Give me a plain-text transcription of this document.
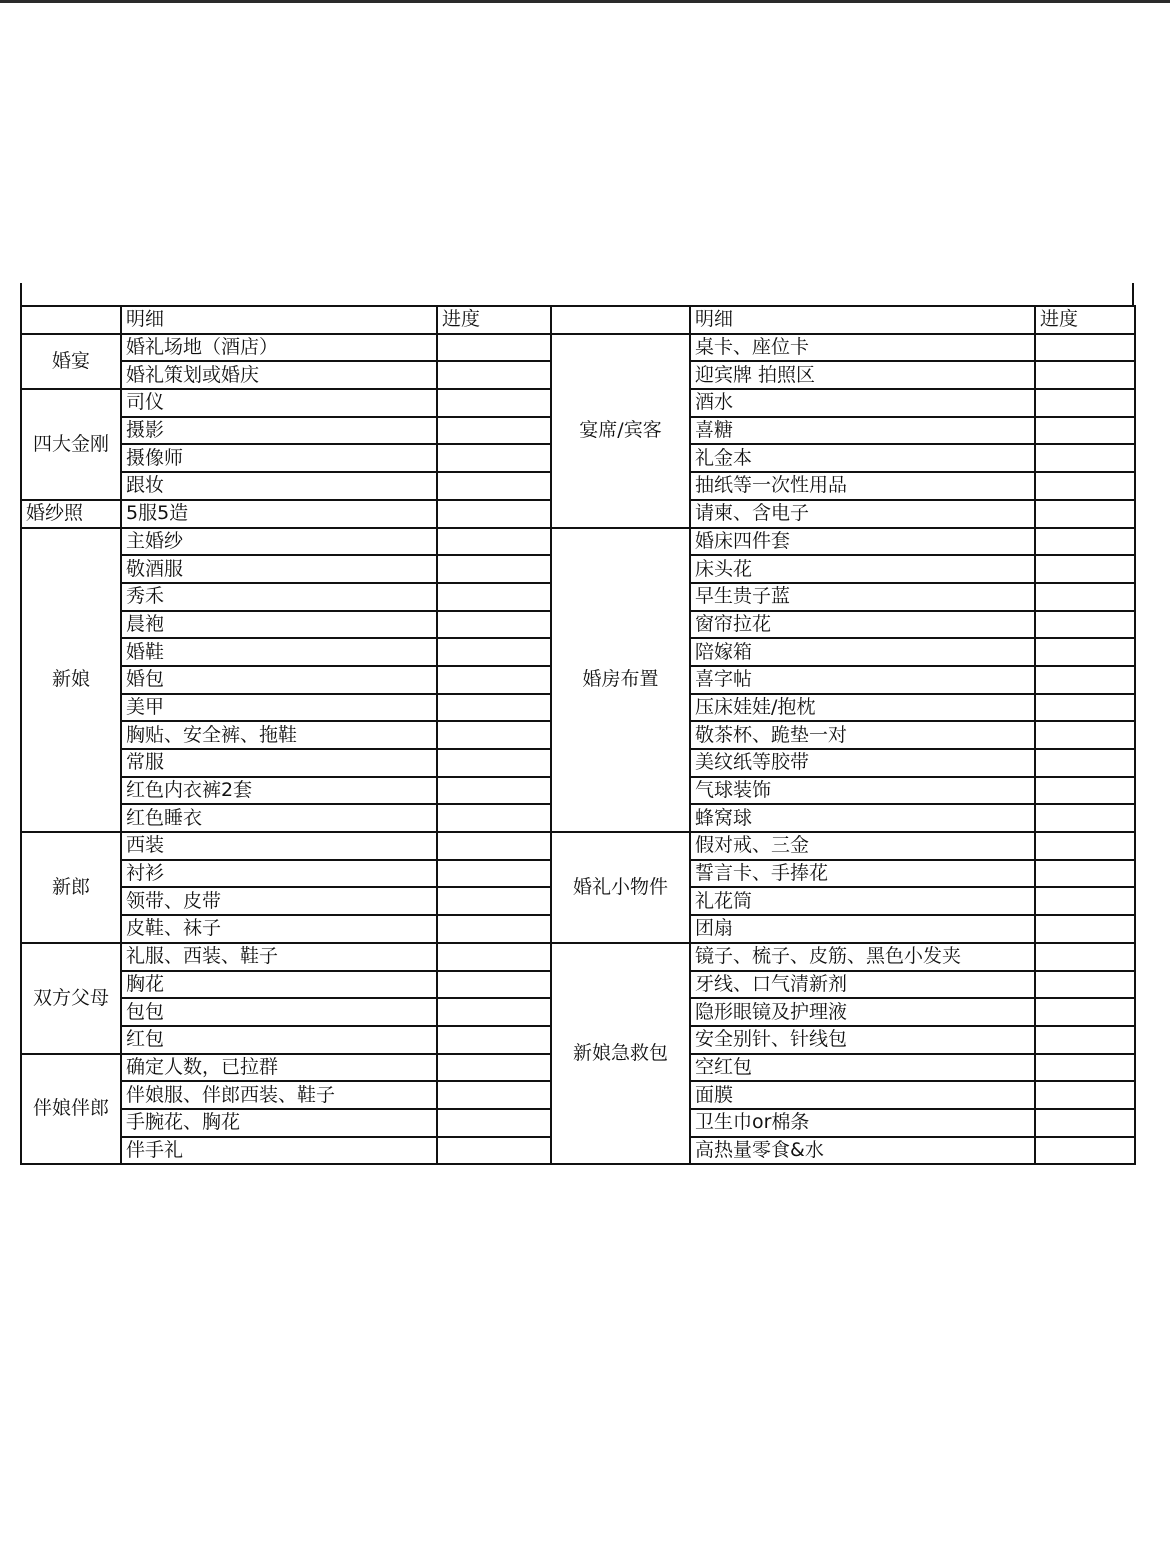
	明细	进度		明细	进度
婚宴	婚礼场地（酒店）		宴席/宾客	桌卡、座位卡	
	婚礼策划或婚庆			迎宾牌 拍照区	
四大金刚	司仪			酒水	
	摄影			喜糖	
	摄像师			礼金本	
	跟妆			抽纸等一次性用品	
婚纱照	5服5造			请柬、含电子	
新娘	主婚纱		婚房布置	婚床四件套	
	敬酒服			床头花	
	秀禾			早生贵子蓝	
	晨袍			窗帘拉花	
	婚鞋			陪嫁箱	
	婚包			喜字帖	
	美甲			压床娃娃/抱枕	
	胸贴、安全裤、拖鞋			敬茶杯、跪垫一对	
	常服			美纹纸等胶带	
	红色内衣裤2套			气球装饰	
	红色睡衣			蜂窝球	
新郎	西装		婚礼小物件	假对戒、三金	
	衬衫			誓言卡、手捧花	
	领带、皮带			礼花筒	
	皮鞋、袜子			团扇	
双方父母	礼服、西装、鞋子		新娘急救包	镜子、梳子、皮筋、黑色小发夹	
	胸花			牙线、口气清新剂	
	包包			隐形眼镜及护理液	
	红包			安全别针、针线包	
伴娘伴郎	确定人数，已拉群			空红包	
	伴娘服、伴郎西装、鞋子			面膜	
	手腕花、胸花			卫生巾or棉条	
	伴手礼			高热量零食&水	
